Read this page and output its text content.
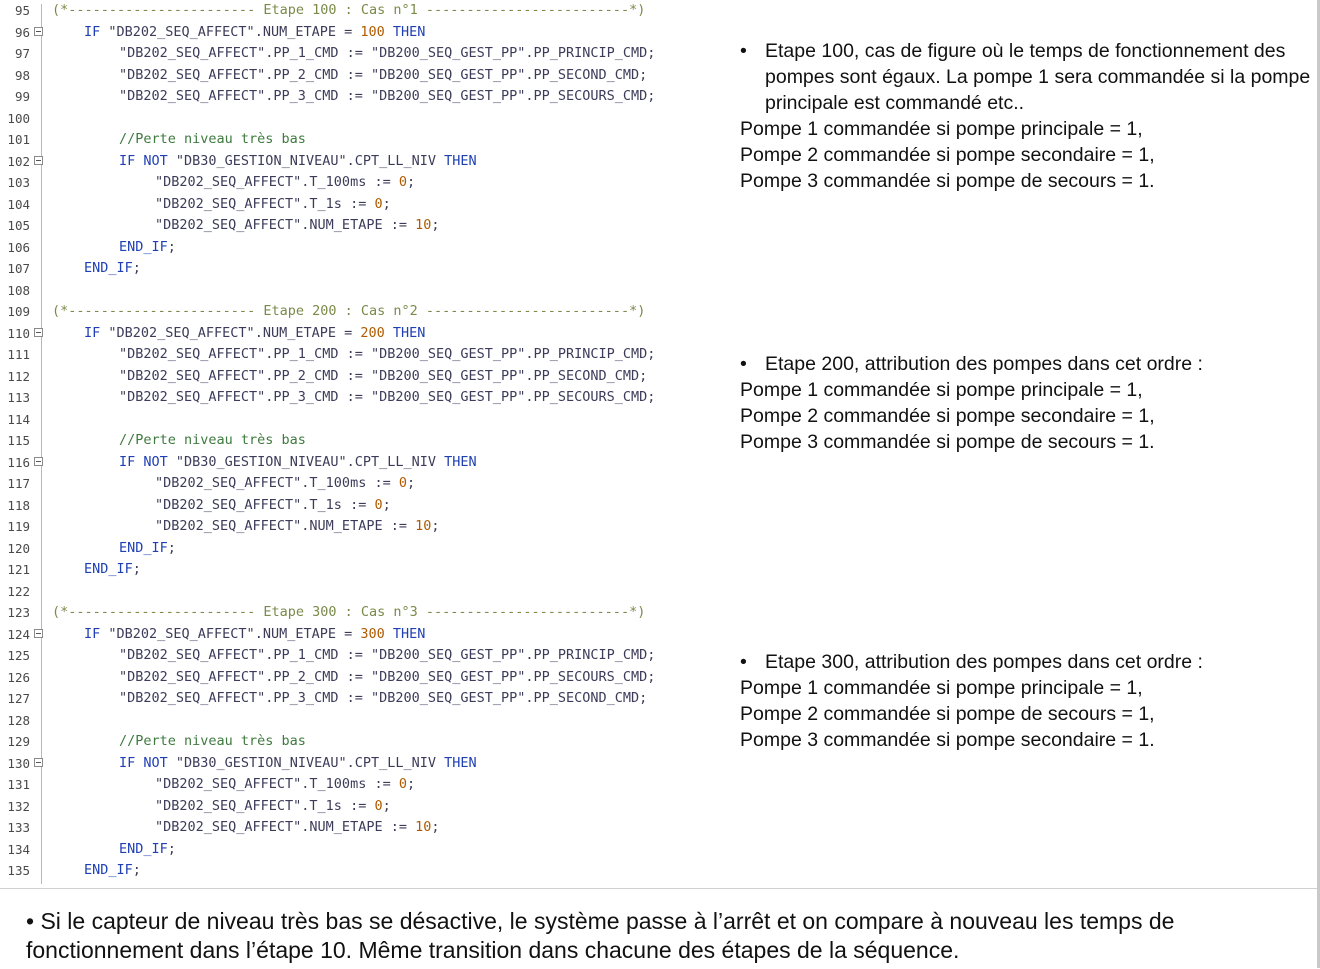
95 (*----------------------- Etape 100 : Cas n°1 -------------------------*)
96	IF "DB202_SEQ_AFFECT".NUM_ETAPE = 100 THEN
97	"DB202_SEQ_AFFECT".PP_1_CMD := "DB200_SEQ_GEST_PP".PP_PRINCIP_CMD;
98	"DB202_SEQ_AFFECT".PP_2_CMD := "DB200_SEQ_GEST_PP".PP_SECOND_CMD;
99	"DB202_SEQ_AFFECT".PP_3_CMD := "DB200_SEQ_GEST_PP".PP_SECOURS_CMD;
100
101	//Perte niveau très bas
102	IF NOT "DB30_GESTION_NIVEAU".CPT_LL_NIV THEN
103	"DB202_SEQ_AFFECT".T_100ms := 0;
104	"DB202_SEQ_AFFECT".T_1s := 0;
105	"DB202_SEQ_AFFECT".NUM_ETAPE := 10;
106	END_IF;
107	END_IF;
108
109 (*----------------------- Etape 200 : Cas n°2 -------------------------*)
110	IF "DB202_SEQ_AFFECT".NUM_ETAPE = 200 THEN
111	"DB202_SEQ_AFFECT".PP_1_CMD := "DB200_SEQ_GEST_PP".PP_PRINCIP_CMD;
112	"DB202_SEQ_AFFECT".PP_2_CMD := "DB200_SEQ_GEST_PP".PP_SECOND_CMD;
113	"DB202_SEQ_AFFECT".PP_3_CMD := "DB200_SEQ_GEST_PP".PP_SECOURS_CMD;
114
115	//Perte niveau très bas
116	IF NOT "DB30_GESTION_NIVEAU".CPT_LL_NIV THEN
117	"DB202_SEQ_AFFECT".T_100ms := 0;
118	"DB202_SEQ_AFFECT".T_1s := 0;
119	"DB202_SEQ_AFFECT".NUM_ETAPE := 10;
120	END_IF;
121	END_IF;
122
123 (*----------------------- Etape 300 : Cas n°3 -------------------------*)
124	IF "DB202_SEQ_AFFECT".NUM_ETAPE = 300 THEN
125	"DB202_SEQ_AFFECT".PP_1_CMD := "DB200_SEQ_GEST_PP".PP_PRINCIP_CMD;
126	"DB202_SEQ_AFFECT".PP_2_CMD := "DB200_SEQ_GEST_PP".PP_SECOURS_CMD;
127	"DB202_SEQ_AFFECT".PP_3_CMD := "DB200_SEQ_GEST_PP".PP_SECOND_CMD;
128
129	//Perte niveau très bas
130	IF NOT "DB30_GESTION_NIVEAU".CPT_LL_NIV THEN
131	"DB202_SEQ_AFFECT".T_100ms := 0;
132	"DB202_SEQ_AFFECT".T_1s := 0;
133	"DB202_SEQ_AFFECT".NUM_ETAPE := 10;
134	END_IF;
135	END_IF;

• Etape 100, cas de figure où le temps de fonctionnement des pompes sont égaux. La pompe 1 sera commandée si la pompe principale est commandé etc..

Pompe 1 commandée si pompe principale = 1,

Pompe 2 commandée si pompe secondaire = 1,

Pompe 3 commandée si pompe de secours = 1.

• Etape 200, attribution des pompes dans cet ordre :

Pompe 1 commandée si pompe principale = 1,

Pompe 2 commandée si pompe secondaire = 1,

Pompe 3 commandée si pompe de secours = 1.

• Etape 300, attribution des pompes dans cet ordre :

Pompe 1 commandée si pompe principale = 1,

Pompe 2 commandée si pompe de secours = 1,

Pompe 3 commandée si pompe secondaire = 1.

• Si le capteur de niveau très bas se désactive, le système passe à l’arrêt et on compare à nouveau les temps de fonctionnement dans l’étape 10. Même transition dans chacune des étapes de la séquence.
